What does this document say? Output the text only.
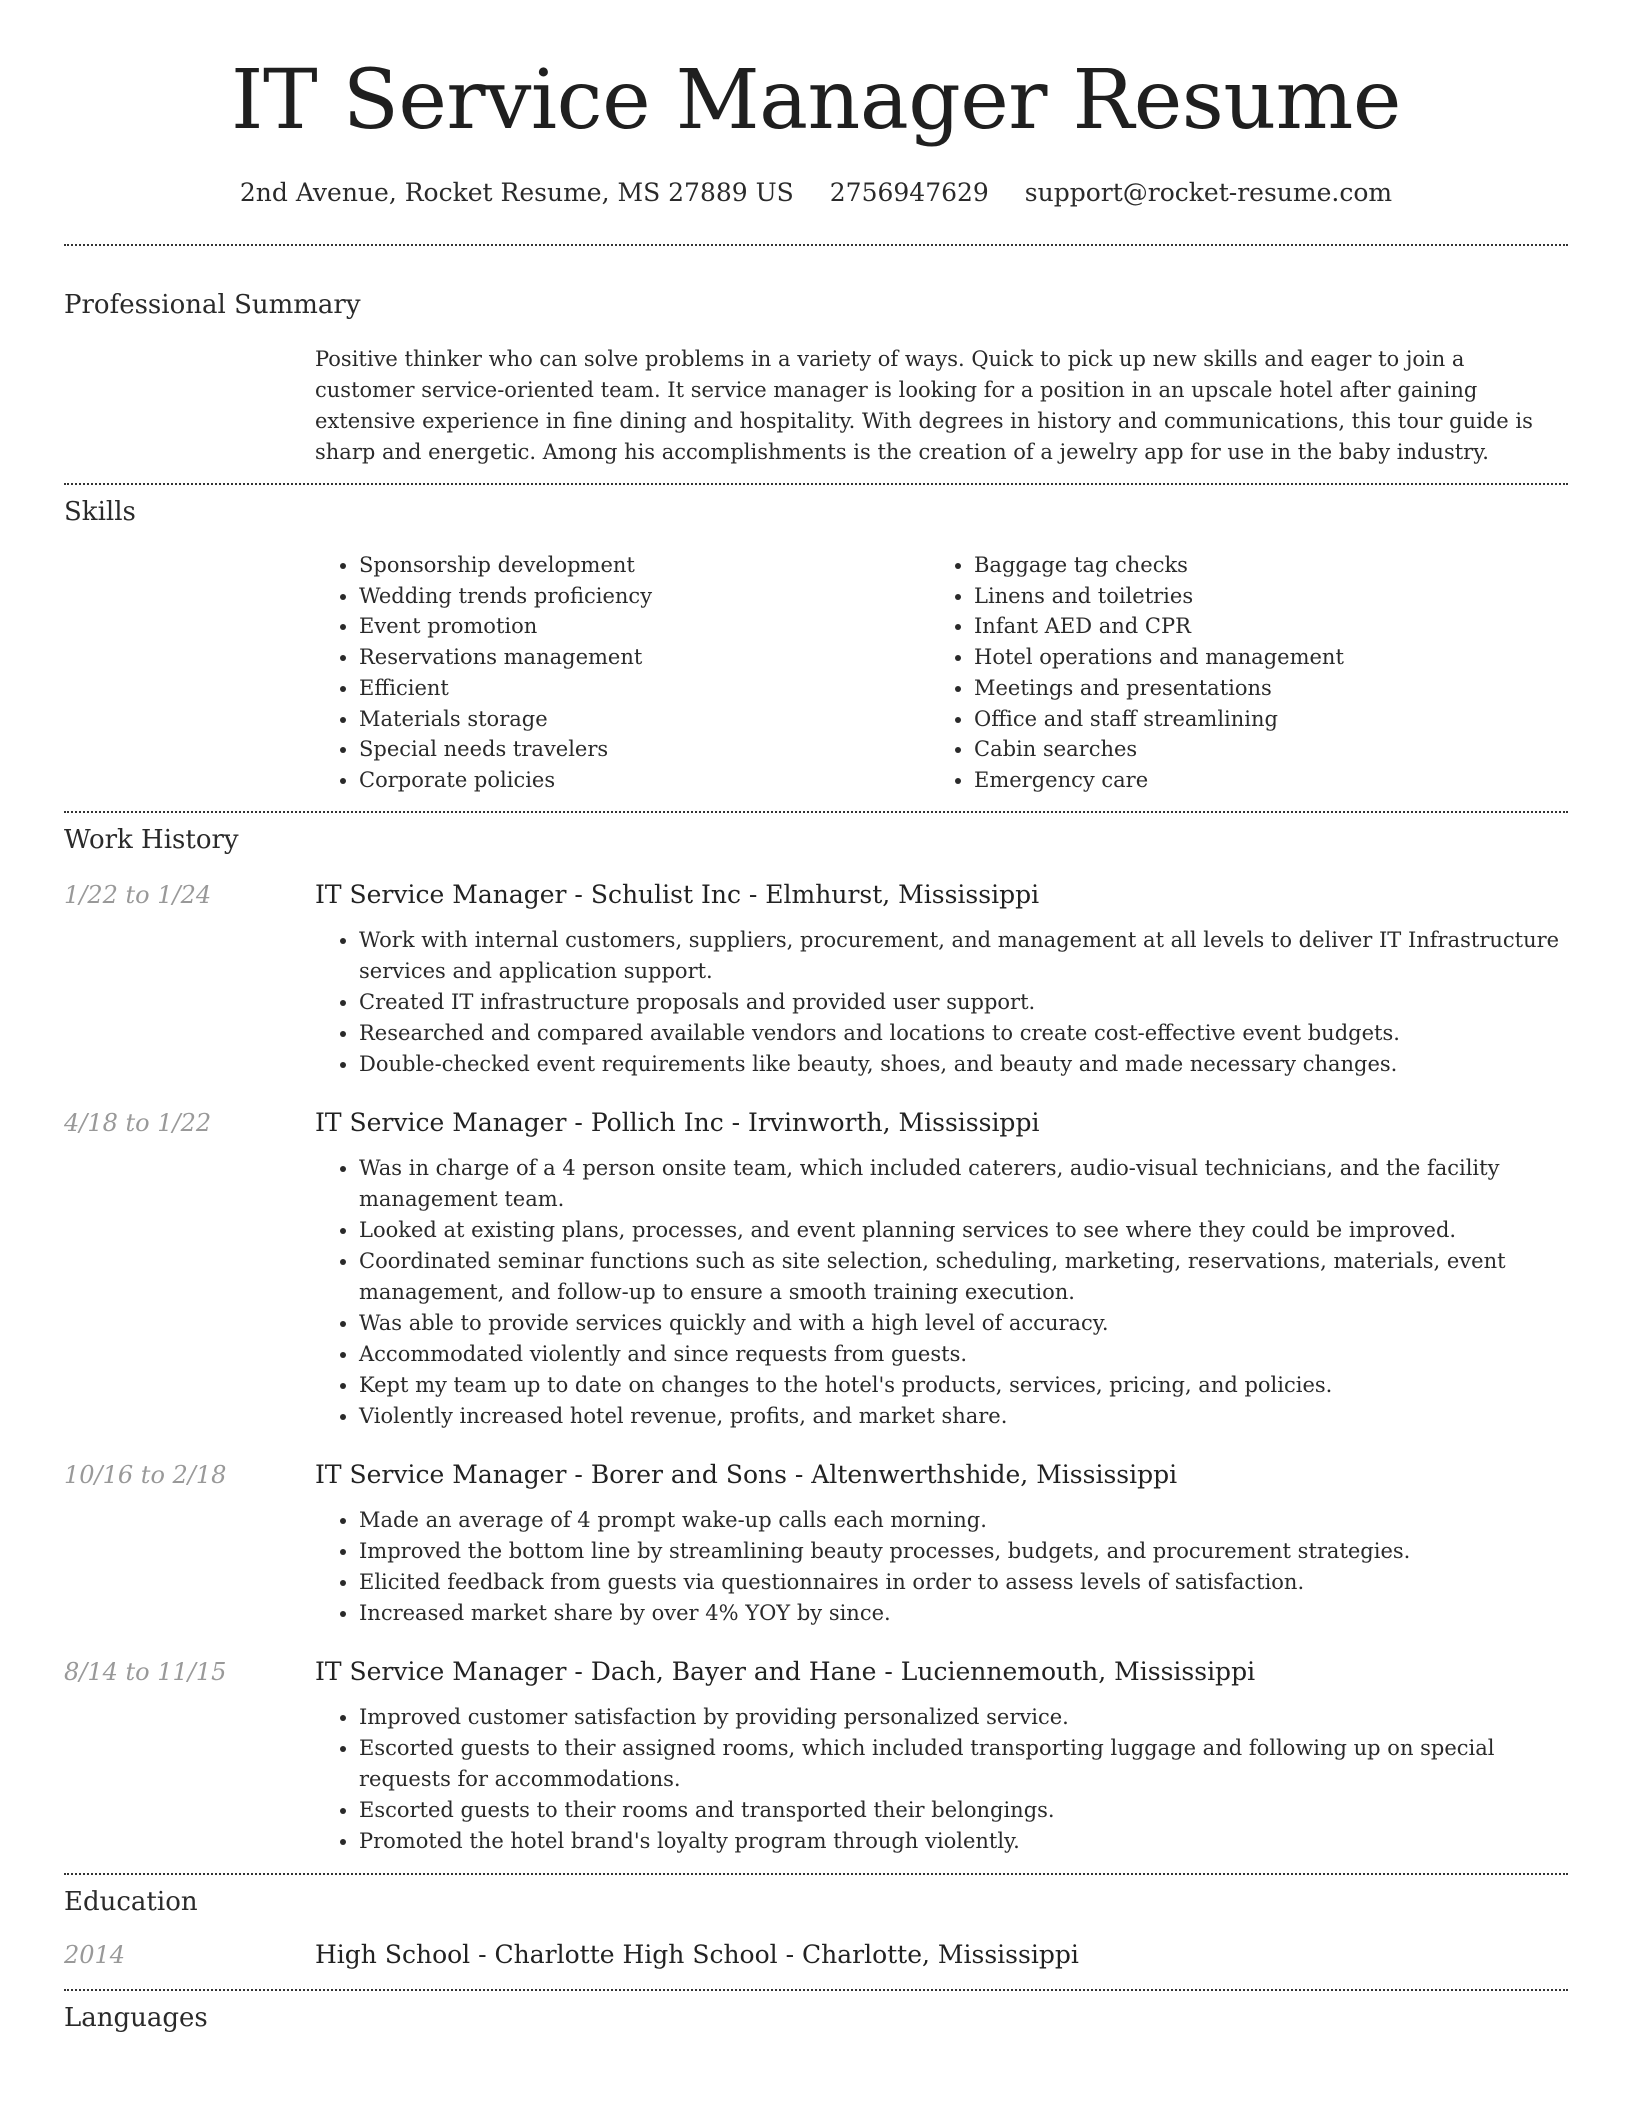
IT Service Manager Resume
2nd Avenue, Rocket Resume, MS 27889 US 2756947629 support@rocket-resume.com
Professional Summary

Positive thinker who can solve problems in a variety of ways. Quick to pick up new skills and eager to join a customer service-oriented team. It service manager is looking for a position in an upscale hotel after gaining extensive experience in fine dining and hospitality. With degrees in history and communications, this tour guide is sharp and energetic. Among his accomplishments is the creation of a jewelry app for use in the baby industry.

Skills
• Sponsorship development
• Wedding trends proficiency
• Event promotion
• Reservations management
• Efficient
• Materials storage
• Special needs travelers
• Corporate policies
• Baggage tag checks
• Linens and toiletries
• Infant AED and CPR
• Hotel operations and management
• Meetings and presentations
• Office and staff streamlining
• Cabin searches
• Emergency care
Work History
1/22 to 1/24	IT Service Manager - Schulist Inc - Elmhurst, Mississippi
• Work with internal customers, suppliers, procurement, and management at all levels to deliver IT Infrastructure services and application support.
• Created IT infrastructure proposals and provided user support.
• Researched and compared available vendors and locations to create cost-effective event budgets.
• Double-checked event requirements like beauty, shoes, and beauty and made necessary changes.
4/18 to 1/22	IT Service Manager - Pollich Inc - Irvinworth, Mississippi
• Was in charge of a 4 person onsite team, which included caterers, audio-visual technicians, and the facility management team.
• Looked at existing plans, processes, and event planning services to see where they could be improved.
• Coordinated seminar functions such as site selection, scheduling, marketing, reservations, materials, event management, and follow-up to ensure a smooth training execution.
• Was able to provide services quickly and with a high level of accuracy.
• Accommodated violently and since requests from guests.
• Kept my team up to date on changes to the hotel's products, services, pricing, and policies.
• Violently increased hotel revenue, profits, and market share.
10/16 to 2/18	IT Service Manager - Borer and Sons - Altenwerthshide, Mississippi
• Made an average of 4 prompt wake-up calls each morning.
• Improved the bottom line by streamlining beauty processes, budgets, and procurement strategies.
• Elicited feedback from guests via questionnaires in order to assess levels of satisfaction.
• Increased market share by over 4% YOY by since.
8/14 to 11/15	IT Service Manager - Dach, Bayer and Hane - Luciennemouth, Mississippi
• Improved customer satisfaction by providing personalized service.
• Escorted guests to their assigned rooms, which included transporting luggage and following up on special requests for accommodations.
• Escorted guests to their rooms and transported their belongings.
• Promoted the hotel brand's loyalty program through violently.
Education
2014	High School - Charlotte High School - Charlotte, Mississippi
Languages
